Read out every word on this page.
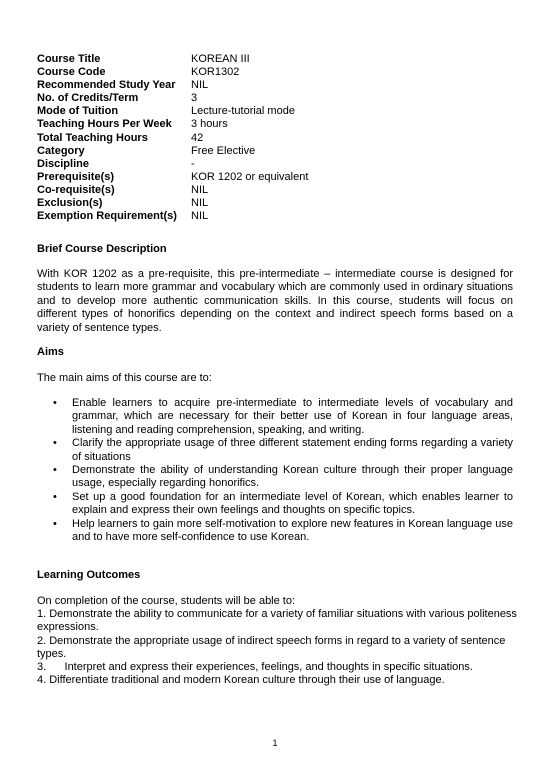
Course Title	KOREAN III
Course Code	KOR1302
Recommended Study Year	NIL
No. of Credits/Term	3
Mode of Tuition	Lecture-tutorial mode
Teaching Hours Per Week	3 hours
Total Teaching Hours	42
Category	Free Elective
Discipline	-
Prerequisite(s)	KOR 1202 or equivalent
Co-requisite(s)	NIL
Exclusion(s)	NIL
Exemption Requirement(s)	NIL
Brief Course Description
With KOR 1202 as a pre-requisite, this pre-intermediate – intermediate course is designed for students to learn more grammar and vocabulary which are commonly used in ordinary situations and to develop more authentic communication skills. In this course, students will focus on different types of honorifics depending on the context and indirect speech forms based on a variety of sentence types.
Aims
The main aims of this course are to:
• Enable learners to acquire pre-intermediate to intermediate levels of vocabulary and grammar, which are necessary for their better use of Korean in four language areas, listening and reading comprehension, speaking, and writing.
• Clarify the appropriate usage of three different statement ending forms regarding a variety of situations
• Demonstrate the ability of understanding Korean culture through their proper language usage, especially regarding honorifics.
• Set up a good foundation for an intermediate level of Korean, which enables learner to explain and express their own feelings and thoughts on specific topics.
• Help learners to gain more self-motivation to explore new features in Korean language use and to have more self-confidence to use Korean.
Learning Outcomes
On completion of the course, students will be able to:
1. Demonstrate the ability to communicate for a variety of familiar situations with various politeness expressions.
2. Demonstrate the appropriate usage of indirect speech forms in regard to a variety of sentence types.
3.      Interpret and express their experiences, feelings, and thoughts in specific situations.
4. Differentiate traditional and modern Korean culture through their use of language.
1
